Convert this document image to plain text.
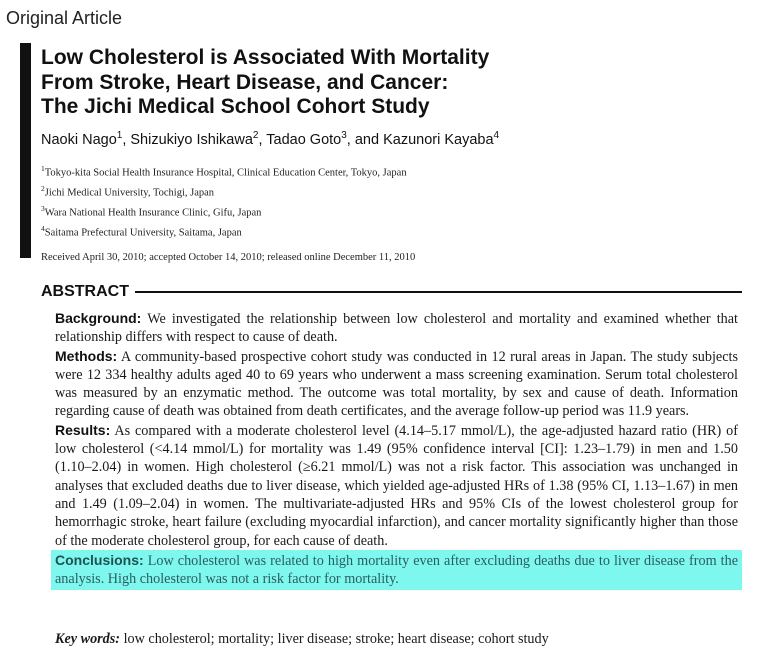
Original Article
Low Cholesterol is Associated With Mortality
From Stroke, Heart Disease, and Cancer:
The Jichi Medical School Cohort Study
Naoki Nago$^1$, Shizukiyo Ishikawa$^2$, Tadao Goto$^3$, and Kazunori Kayaba$^4$
$^1$Tokyo-kita Social Health Insurance Hospital, Clinical Education Center, Tokyo, Japan
$^2$Jichi Medical University, Tochigi, Japan
$^3$Wara National Health Insurance Clinic, Gifu, Japan
$^4$Saitama Prefectural University, Saitama, Japan
Received April 30, 2010; accepted October 14, 2010; released online December 11, 2010
ABSTRACT

Background: We investigated the relationship between low cholesterol and mortality and examined whether that relationship differs with respect to cause of death.

Methods: A community-based prospective cohort study was conducted in 12 rural areas in Japan. The study subjects were 12 334 healthy adults aged 40 to 69 years who underwent a mass screening examination. Serum total cholesterol was measured by an enzymatic method. The outcome was total mortality, by sex and cause of death. Information regarding cause of death was obtained from death certificates, and the average follow-up period was 11.9 years.

Results: As compared with a moderate cholesterol level (4.14–5.17 mmol/L), the age-adjusted hazard ratio (HR) of low cholesterol (<4.14 mmol/L) for mortality was 1.49 (95% confidence interval [CI]: 1.23–1.79) in men and 1.50 (1.10–2.04) in women. High cholesterol (≥6.21 mmol/L) was not a risk factor. This association was unchanged in analyses that excluded deaths due to liver disease, which yielded age-adjusted HRs of 1.38 (95% CI, 1.13–1.67) in men and 1.49 (1.09–2.04) in women. The multivariate-adjusted HRs and 95% CIs of the lowest cholesterol group for hemorrhagic stroke, heart failure (excluding myocardial infarction), and cancer mortality significantly higher than those of the moderate cholesterol group, for each cause of death.

Conclusions: Low cholesterol was related to high mortality even after excluding deaths due to liver disease from the analysis. High cholesterol was not a risk factor for mortality.

Key words: low cholesterol; mortality; liver disease; stroke; heart disease; cohort study
